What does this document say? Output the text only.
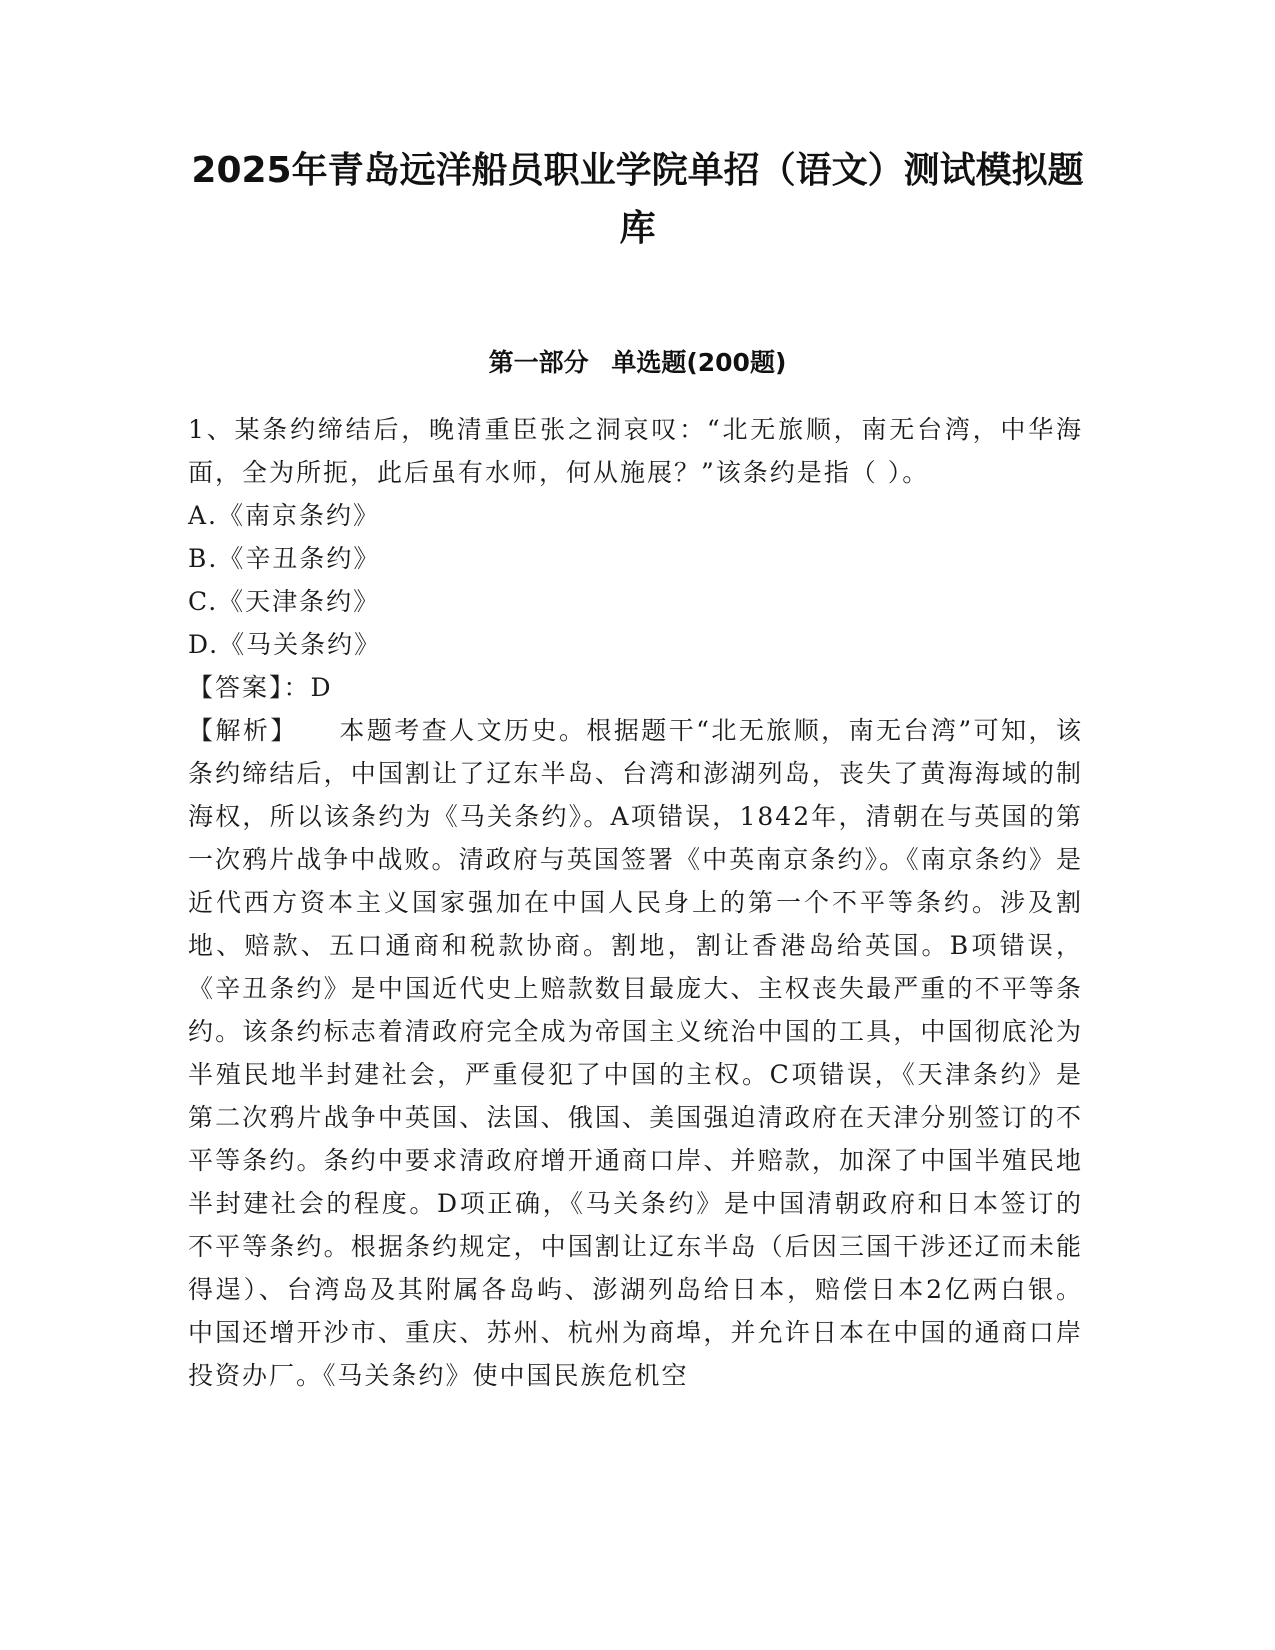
2025年青岛远洋船员职业学院单招（语文）测试模拟题库
第一部分 单选题(200题)

1、某条约缔结后，晚清重臣张之洞哀叹：“北无旅顺，南无台湾，中华海面，全为所扼，此后虽有水师，何从施展？”该条约是指（ ）。

A.《南京条约》

B.《辛丑条约》

C.《天津条约》

D.《马关条约》

【答案】：D

【解析】 本题考查人文历史。根据题干“北无旅顺，南无台湾”可知，该条约缔结后，中国割让了辽东半岛、台湾和澎湖列岛，丧失了黄海海域的制海权，所以该条约为《马关条约》。A项错误，1842年，清朝在与英国的第一次鸦片战争中战败。清政府与英国签署《中英南京条约》。《南京条约》是近代西方资本主义国家强加在中国人民身上的第一个不平等条约。涉及割地、赔款、五口通商和税款协商。割地，割让香港岛给英国。B项错误，《辛丑条约》是中国近代史上赔款数目最庞大、主权丧失最严重的不平等条约。该条约标志着清政府完全成为帝国主义统治中国的工具，中国彻底沦为半殖民地半封建社会，严重侵犯了中国的主权。C项错误，《天津条约》是第二次鸦片战争中英国、法国、俄国、美国强迫清政府在天津分别签订的不平等条约。条约中要求清政府增开通商口岸、并赔款，加深了中国半殖民地半封建社会的程度。D项正确，《马关条约》是中国清朝政府和日本签订的不平等条约。根据条约规定，中国割让辽东半岛（后因三国干涉还辽而未能得逞）、台湾岛及其附属各岛屿、澎湖列岛给日本，赔偿日本2亿两白银。中国还增开沙市、重庆、苏州、杭州为商埠，并允许日本在中国的通商口岸投资办厂。《马关条约》使中国民族危机空
